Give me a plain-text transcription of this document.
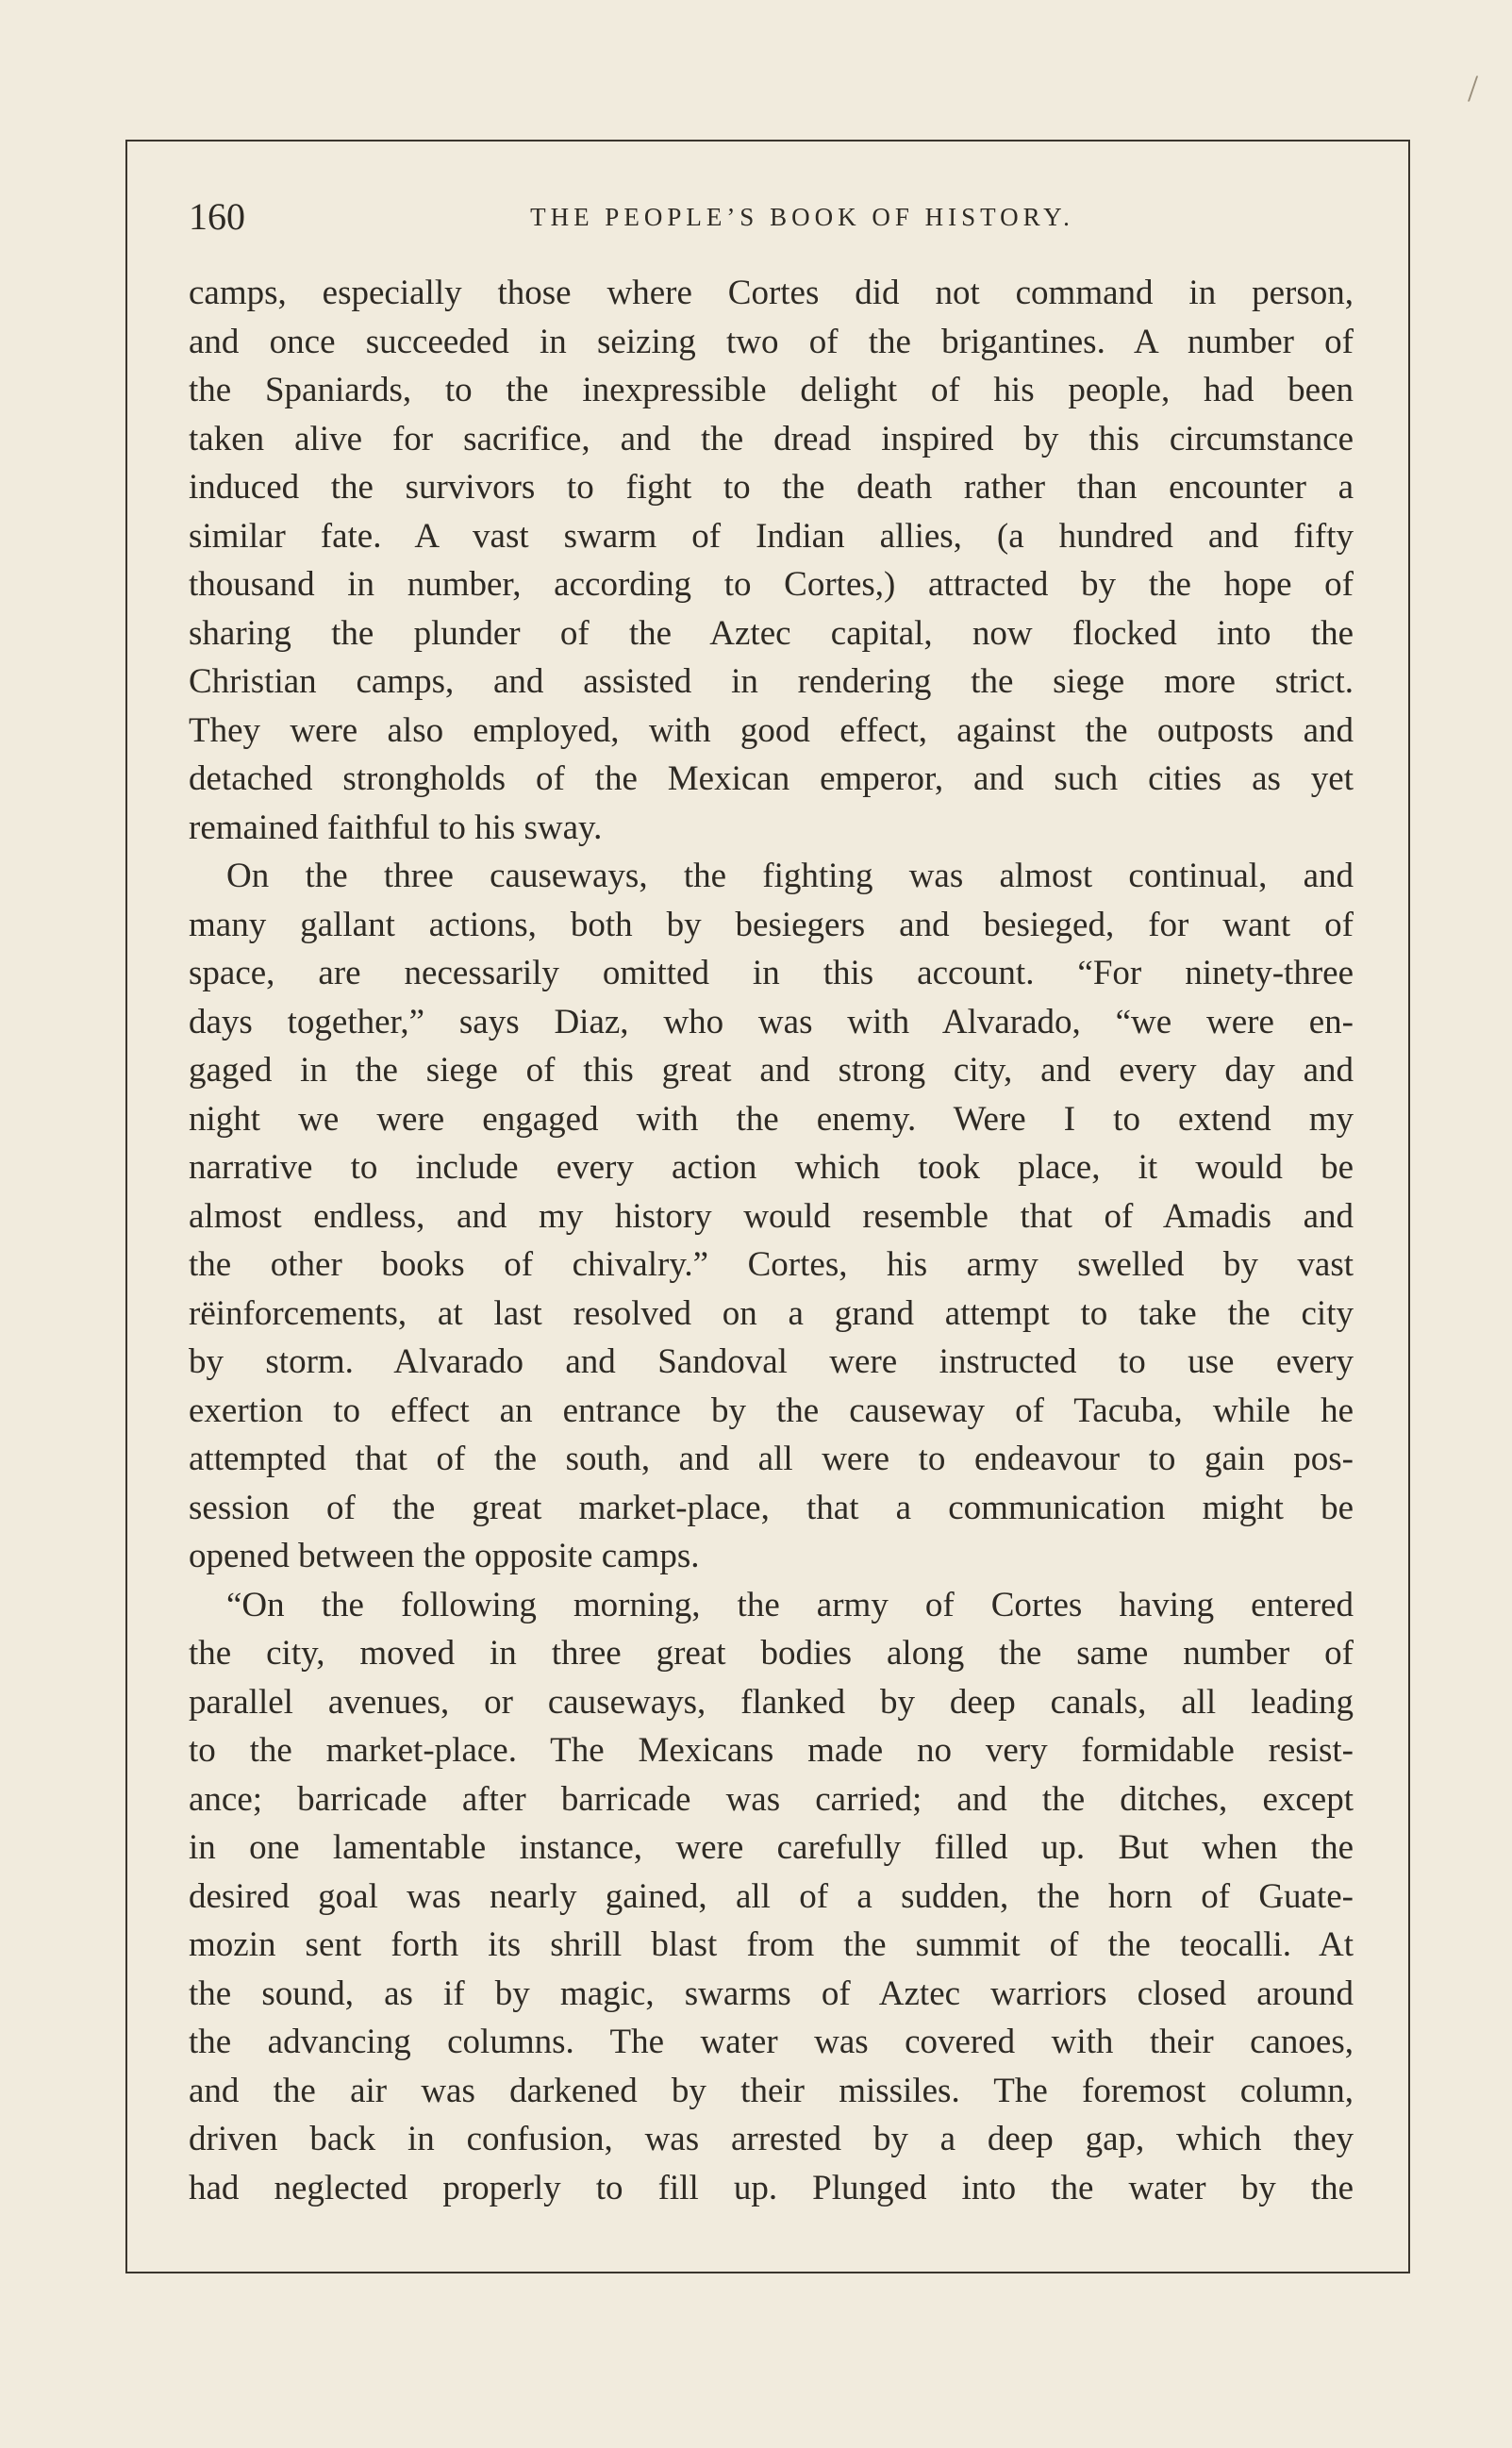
/
160	THE PEOPLE’S BOOK OF HISTORY.
camps, especially those where Cortes did not command in person,
and once succeeded in seizing two of the brigantines. A number of
the Spaniards, to the inexpressible delight of his people, had been
taken alive for sacrifice, and the dread inspired by this circumstance
induced the survivors to fight to the death rather than encounter a
similar fate. A vast swarm of Indian allies, (a hundred and fifty
thousand in number, according to Cortes,) attracted by the hope of
sharing the plunder of the Aztec capital, now flocked into the
Christian camps, and assisted in rendering the siege more strict.
They were also employed, with good effect, against the outposts and
detached strongholds of the Mexican emperor, and such cities as yet
remained faithful to his sway.
On the three causeways, the fighting was almost continual, and
many gallant actions, both by besiegers and besieged, for want of
space, are necessarily omitted in this account. “For ninety-three
days together,” says Diaz, who was with Alvarado, “we were en-
gaged in the siege of this great and strong city, and every day and
night we were engaged with the enemy. Were I to extend my
narrative to include every action which took place, it would be
almost endless, and my history would resemble that of Amadis and
the other books of chivalry.” Cortes, his army swelled by vast
rëinforcements, at last resolved on a grand attempt to take the city
by storm. Alvarado and Sandoval were instructed to use every
exertion to effect an entrance by the causeway of Tacuba, while he
attempted that of the south, and all were to endeavour to gain pos-
session of the great market-place, that a communication might be
opened between the opposite camps.
“On the following morning, the army of Cortes having entered
the city, moved in three great bodies along the same number of
parallel avenues, or causeways, flanked by deep canals, all leading
to the market-place. The Mexicans made no very formidable resist-
ance; barricade after barricade was carried; and the ditches, except
in one lamentable instance, were carefully filled up. But when the
desired goal was nearly gained, all of a sudden, the horn of Guate-
mozin sent forth its shrill blast from the summit of the teocalli. At
the sound, as if by magic, swarms of Aztec warriors closed around
the advancing columns. The water was covered with their canoes,
and the air was darkened by their missiles. The foremost column,
driven back in confusion, was arrested by a deep gap, which they
had neglected properly to fill up. Plunged into the water by the
